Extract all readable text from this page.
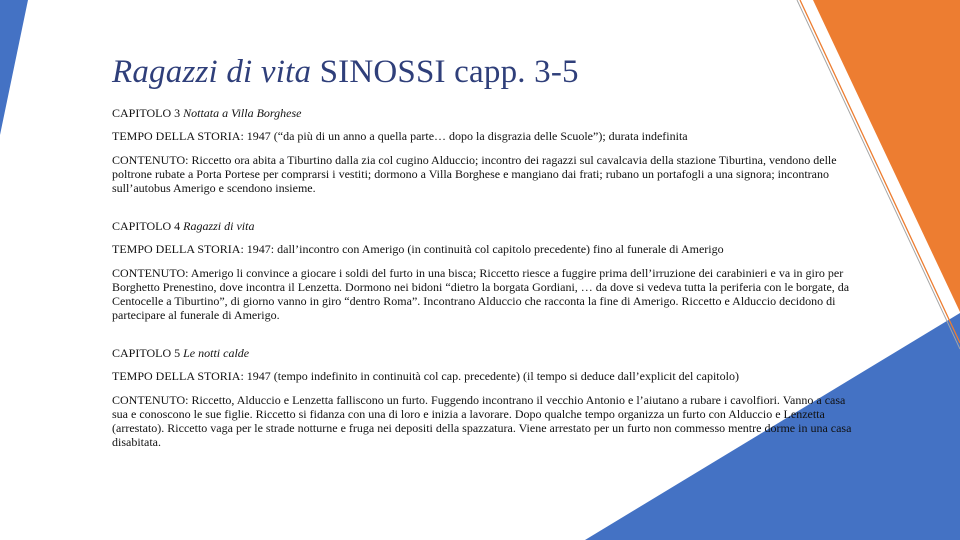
Ragazzi di vita SINOSSI capp. 3-5

CAPITOLO 3 Nottata a Villa Borghese

TEMPO DELLA STORIA: 1947 (“da più di un anno a quella parte… dopo la disgrazia delle Scuole”); durata indefinita

CONTENUTO: Riccetto ora abita a Tiburtino dalla zia col cugino Alduccio; incontro dei ragazzi sul cavalcavia della stazione Tiburtina, vendono delle poltrone rubate a Porta Portese per comprarsi i vestiti; dormono a Villa Borghese e mangiano dai frati; rubano un portafogli a una signora; incontrano sull’autobus Amerigo e scendono insieme.

CAPITOLO 4 Ragazzi di vita

TEMPO DELLA STORIA: 1947: dall’incontro con Amerigo (in continuità col capitolo precedente) fino al funerale di Amerigo

CONTENUTO: Amerigo li convince a giocare i soldi del furto in una bisca; Riccetto riesce a fuggire prima dell’irruzione dei carabinieri e va in giro per Borghetto Prenestino, dove incontra il Lenzetta. Dormono nei bidoni “dietro la borgata Gordiani, … da dove si vedeva tutta la periferia con le borgate, da Centocelle a Tiburtino”, di giorno vanno in giro “dentro Roma”. Incontrano Alduccio che racconta la fine di Amerigo. Riccetto e Alduccio decidono di partecipare al funerale di Amerigo.

CAPITOLO 5 Le notti calde

TEMPO DELLA STORIA: 1947 (tempo indefinito in continuità col cap. precedente) (il tempo si deduce dall’explicit del capitolo)

CONTENUTO: Riccetto, Alduccio e Lenzetta falliscono un furto. Fuggendo incontrano il vecchio Antonio e l’aiutano a rubare i cavolfiori. Vanno a casa sua e conoscono le sue figlie. Riccetto si fidanza con una di loro e inizia a lavorare. Dopo qualche tempo organizza un furto con Alduccio e Lenzetta (arrestato). Riccetto vaga per le strade notturne e fruga nei depositi della spazzatura. Viene arrestato per un furto non commesso mentre dorme in una casa disabitata.
